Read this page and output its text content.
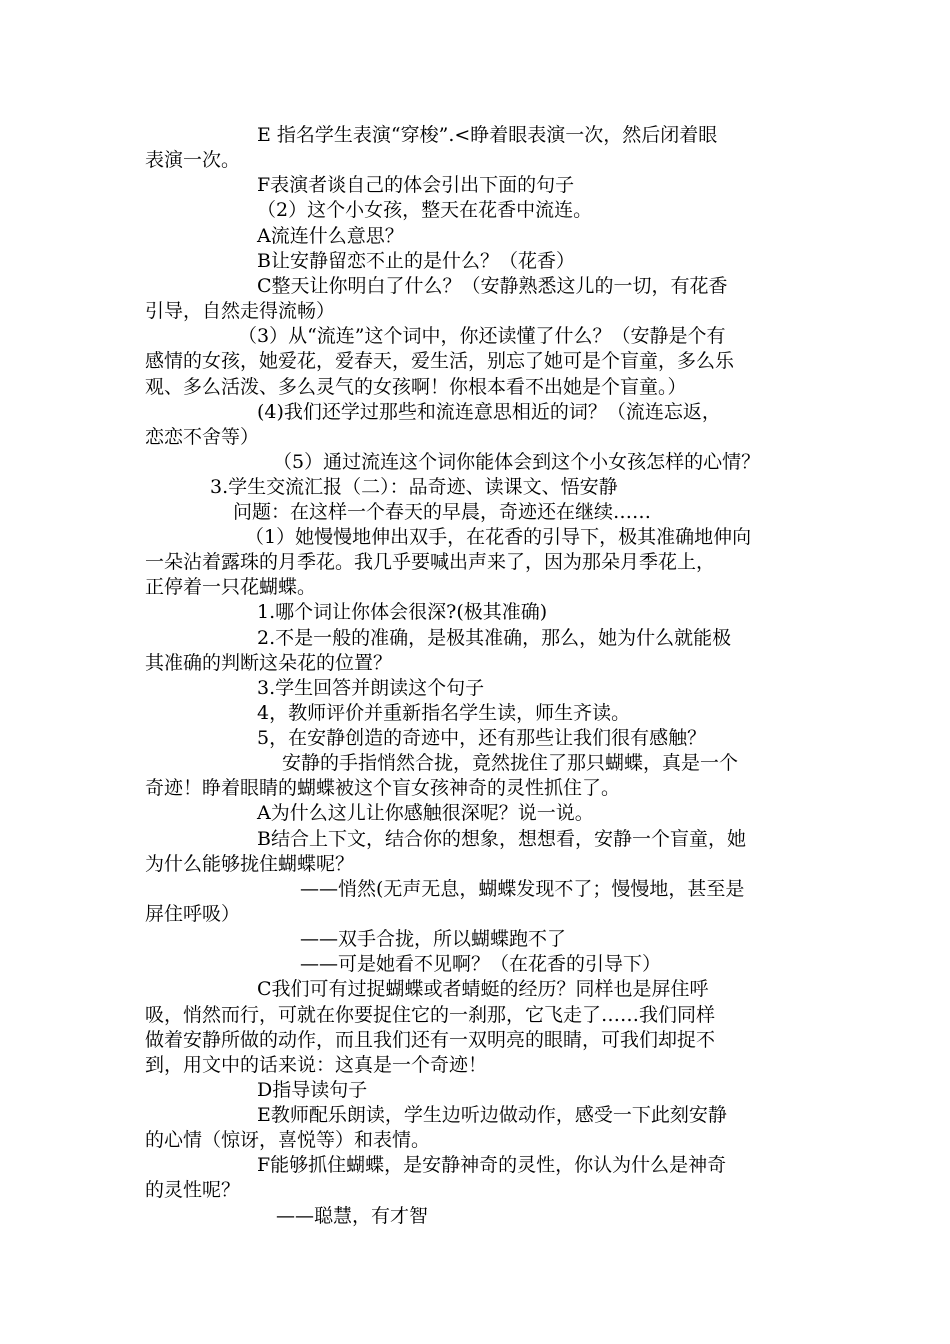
E 指名学生表演“穿梭”.<睁着眼表演一次，然后闭着眼
表演一次。
F表演者谈自己的体会引出下面的句子
（2）这个小女孩，整天在花香中流连。
A流连什么意思？
B让安静留恋不止的是什么？（花香）
C整天让你明白了什么？（安静熟悉这儿的一切，有花香
引导，自然走得流畅）
（3）从“流连”这个词中，你还读懂了什么？（安静是个有
感情的女孩，她爱花，爱春天，爱生活，别忘了她可是个盲童，多么乐
观、多么活泼、多么灵气的女孩啊！你根本看不出她是个盲童。）
(4)我们还学过那些和流连意思相近的词？（流连忘返，
恋恋不舍等）
（5）通过流连这个词你能体会到这个小女孩怎样的心情？
3.学生交流汇报（二）：品奇迹、读课文、悟安静
问题：在这样一个春天的早晨，奇迹还在继续……
（1）她慢慢地伸出双手，在花香的引导下，极其准确地伸向
一朵沾着露珠的月季花。我几乎要喊出声来了，因为那朵月季花上，
正停着一只花蝴蝶。
1.哪个词让你体会很深?(极其准确)
2.不是一般的准确，是极其准确，那么，她为什么就能极
其准确的判断这朵花的位置？
3.学生回答并朗读这个句子
4，教师评价并重新指名学生读，师生齐读。
5，在安静创造的奇迹中，还有那些让我们很有感触？
安静的手指悄然合拢，竟然拢住了那只蝴蝶，真是一个
奇迹！睁着眼睛的蝴蝶被这个盲女孩神奇的灵性抓住了。
A为什么这儿让你感触很深呢？说一说。
B结合上下文，结合你的想象，想想看，安静一个盲童，她
为什么能够拢住蝴蝶呢？
——悄然(无声无息，蝴蝶发现不了；慢慢地，甚至是
屏住呼吸）
——双手合拢，所以蝴蝶跑不了
——可是她看不见啊？（在花香的引导下）
C我们可有过捉蝴蝶或者蜻蜓的经历？同样也是屏住呼
吸，悄然而行，可就在你要捉住它的一刹那，它飞走了……我们同样
做着安静所做的动作，而且我们还有一双明亮的眼睛，可我们却捉不
到，用文中的话来说：这真是一个奇迹！
D指导读句子
E教师配乐朗读，学生边听边做动作，感受一下此刻安静
的心情（惊讶，喜悦等）和表情。
F能够抓住蝴蝶，是安静神奇的灵性，你认为什么是神奇
的灵性呢？
——聪慧，有才智
